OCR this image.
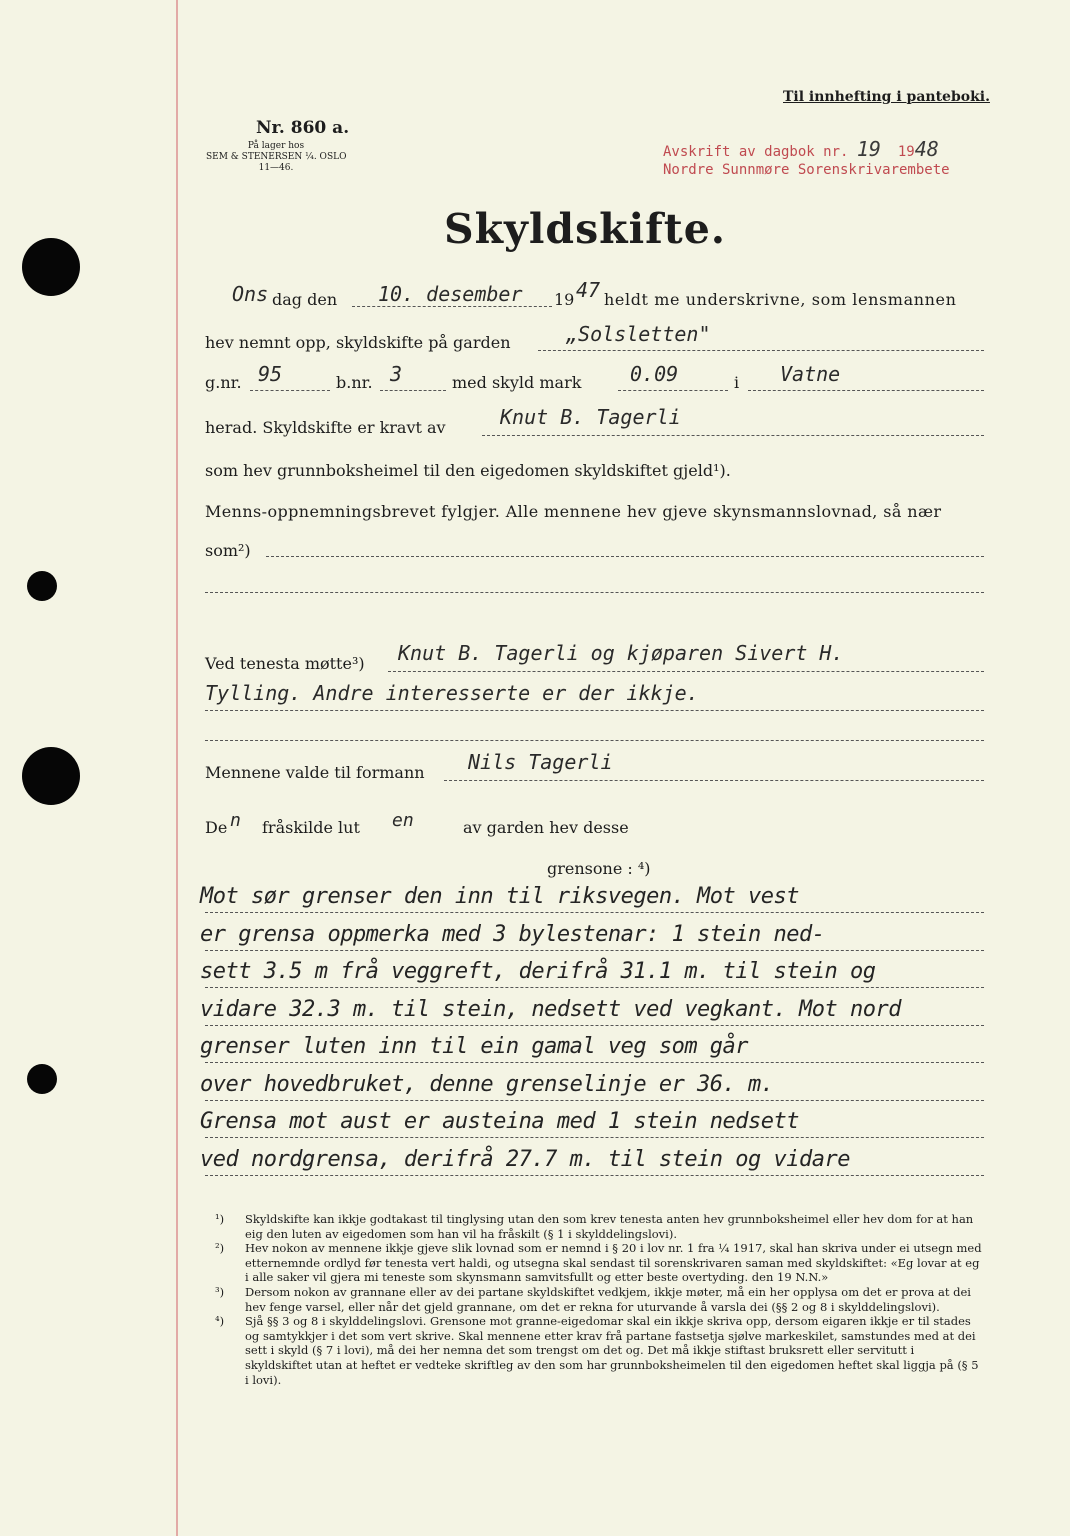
Nr. 860 a.
På lager hos
SEM & STENERSEN ¼. OSLO
11—46.
Til innhefting i panteboki.
Avskrift av dagbok nr. 19 1948
Nordre Sunnmøre Sorenskrivarembete
Skyldskifte.
Ons dag den 10. desember 19 47 heldt me underskrivne, som lensmannen
hev nemnt opp, skyldskifte på garden	„Solsletten"
g.nr. 95	b.nr. 3	med skyld mark 0.09	i Vatne
herad. Skyldskifte er kravt av	Knut B. Tagerli
som hev grunnboksheimel til den eigedomen skyldskiftet gjeld¹).
Menns-oppnemningsbrevet fylgjer. Alle mennene hev gjeve skynsmannslovnad, så nær
som²)
Ved tenesta møtte³) Knut B. Tagerli og kjøparen Sivert H.
Tylling. Andre interesserte er der ikkje.
Mennene valde til formann Nils Tagerli
De n fråskilde lut en	av garden hev desse
grensone : ⁴)
Mot sør grenser den inn til riksvegen. Mot vest
er grensa oppmerka med 3 bylestenar: 1 stein ned-
sett 3.5 m frå veggreft, derifrå 31.1 m. til stein og
vidare 32.3 m. til stein, nedsett ved vegkant. Mot nord
grenser luten inn til ein gamal veg som går
over hovedbruket, denne grenselinje er 36. m.
Grensa mot aust er austeina med 1 stein nedsett
ved nordgrensa, derifrå 27.7 m. til stein og vidare
¹) Skyldskifte kan ikkje godtakast til tinglysing utan den som krev tenesta anten hev grunnboksheimel eller hev dom for at han eig den luten av eigedomen som han vil ha fråskilt (§ 1 i skylddelingslovi).
²) Hev nokon av mennene ikkje gjeve slik lovnad som er nemnd i § 20 i lov nr. 1 fra ¼ 1917, skal han skriva under ei utsegn med etternemnde ordlyd før tenesta vert haldi, og utsegna skal sendast til sorenskrivaren saman med skyldskiftet: «Eg lovar at eg i alle saker vil gjera mi teneste som skynsmann samvitsfullt og etter beste overtyding. den 19 N.N.»
³) Dersom nokon av grannane eller av dei partane skyldskiftet vedkjem, ikkje møter, må ein her opplysa om det er prova at dei hev fenge varsel, eller når det gjeld grannane, om det er rekna for uturvande å varsla dei (§§ 2 og 8 i skylddelingslovi).
⁴) Sjå §§ 3 og 8 i skylddelingslovi. Grensone mot granne-eigedomar skal ein ikkje skriva opp, dersom eigaren ikkje er til stades og samtykkjer i det som vert skrive. Skal mennene etter krav frå partane fastsetja sjølve markeskilet, samstundes med at dei sett i skyld (§ 7 i lovi), må dei her nemna det som trengst om det og. Det må ikkje stiftast bruksrett eller servitutt i skyldskiftet utan at heftet er vedteke skriftleg av den som har grunnboksheimelen til den eigedomen heftet skal liggja på (§ 5 i lovi).
